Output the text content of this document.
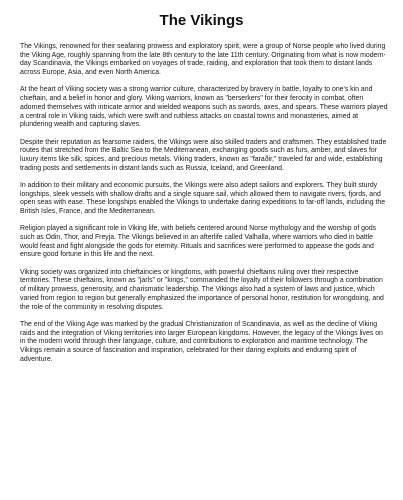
The Vikings

The Vikings, renowned for their seafaring prowess and exploratory spirit, were a group of Norse people who lived during the Viking Age, roughly spanning from the late 8th century to the late 11th century. Originating from what is now modern-day Scandinavia, the Vikings embarked on voyages of trade, raiding, and exploration that took them to distant lands across Europe, Asia, and even North America.

At the heart of Viking society was a strong warrior culture, characterized by bravery in battle, loyalty to one's kin and chieftain, and a belief in honor and glory. Viking warriors, known as "berserkers" for their ferocity in combat, often adorned themselves with intricate armor and wielded weapons such as swords, axes, and spears. These warriors played a central role in Viking raids, which were swift and ruthless attacks on coastal towns and monasteries, aimed at plundering wealth and capturing slaves.

Despite their reputation as fearsome raiders, the Vikings were also skilled traders and craftsmen. They established trade routes that stretched from the Baltic Sea to the Mediterranean, exchanging goods such as furs, amber, and slaves for luxury items like silk, spices, and precious metals. Viking traders, known as "faraðir," traveled far and wide, establishing trading posts and settlements in distant lands such as Russia, Iceland, and Greenland.

In addition to their military and economic pursuits, the Vikings were also adept sailors and explorers. They built sturdy longships, sleek vessels with shallow drafts and a single square sail, which allowed them to navigate rivers, fjords, and open seas with ease. These longships enabled the Vikings to undertake daring expeditions to far-off lands, including the British Isles, France, and the Mediterranean.

Religion played a significant role in Viking life, with beliefs centered around Norse mythology and the worship of gods such as Odin, Thor, and Freyja. The Vikings believed in an afterlife called Valhalla, where warriors who died in battle would feast and fight alongside the gods for eternity. Rituals and sacrifices were performed to appease the gods and ensure good fortune in this life and the next.

Viking society was organized into chieftaincies or kingdoms, with powerful chieftains ruling over their respective territories. These chieftains, known as "jarls" or "kings," commanded the loyalty of their followers through a combination of military prowess, generosity, and charismatic leadership. The Vikings also had a system of laws and justice, which varied from region to region but generally emphasized the importance of personal honor, restitution for wrongdoing, and the role of the community in resolving disputes.

The end of the Viking Age was marked by the gradual Christianization of Scandinavia, as well as the decline of Viking raids and the integration of Viking territories into larger European kingdoms. However, the legacy of the Vikings lives on in the modern world through their language, culture, and contributions to exploration and maritime technology. The Vikings remain a source of fascination and inspiration, celebrated for their daring exploits and enduring spirit of adventure.
